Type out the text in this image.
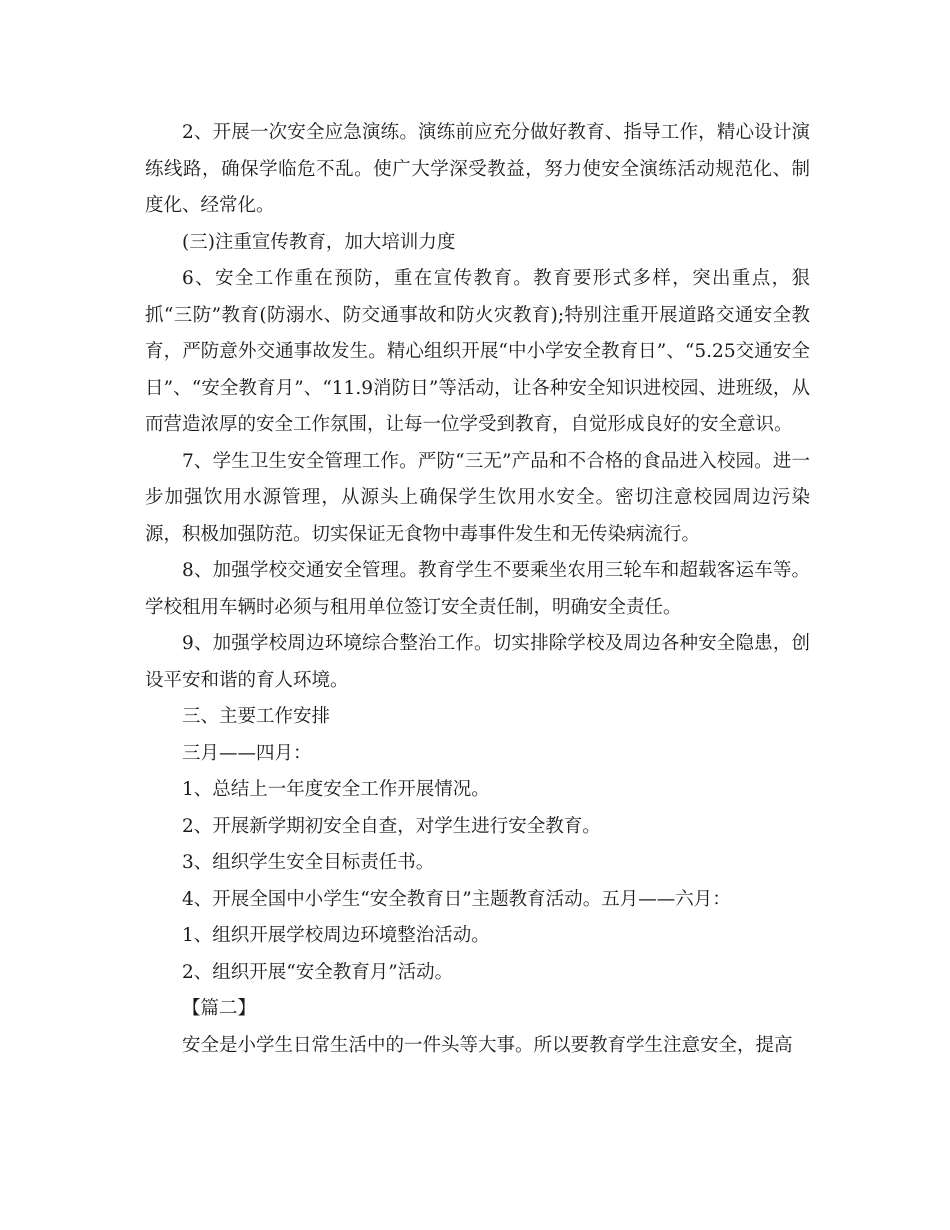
2、开展一次安全应急演练。演练前应充分做好教育、指导工作，精心设计演练线路，确保学临危不乱。使广大学深受教益，努力使安全演练活动规范化、制度化、经常化。

(三)注重宣传教育，加大培训力度

6、安全工作重在预防，重在宣传教育。教育要形式多样，突出重点，狠抓“三防”教育(防溺水、防交通事故和防火灾教育);特别注重开展道路交通安全教育，严防意外交通事故发生。精心组织开展“中小学安全教育日”、“5.25交通安全日”、“安全教育月”、“11.9消防日”等活动，让各种安全知识进校园、进班级，从而营造浓厚的安全工作氛围，让每一位学受到教育，自觉形成良好的安全意识。

7、学生卫生安全管理工作。严防“三无”产品和不合格的食品进入校园。进一步加强饮用水源管理，从源头上确保学生饮用水安全。密切注意校园周边污染源，积极加强防范。切实保证无食物中毒事件发生和无传染病流行。

8、加强学校交通安全管理。教育学生不要乘坐农用三轮车和超载客运车等。学校租用车辆时必须与租用单位签订安全责任制，明确安全责任。

9、加强学校周边环境综合整治工作。切实排除学校及周边各种安全隐患，创设平安和谐的育人环境。

三、主要工作安排

三月——四月：

1、总结上一年度安全工作开展情况。

2、开展新学期初安全自查，对学生进行安全教育。

3、组织学生安全目标责任书。

4、开展全国中小学生“安全教育日”主题教育活动。五月——六月：

1、组织开展学校周边环境整治活动。

2、组织开展“安全教育月”活动。

【篇二】

安全是小学生日常生活中的一件头等大事。所以要教育学生注意安全，提高
